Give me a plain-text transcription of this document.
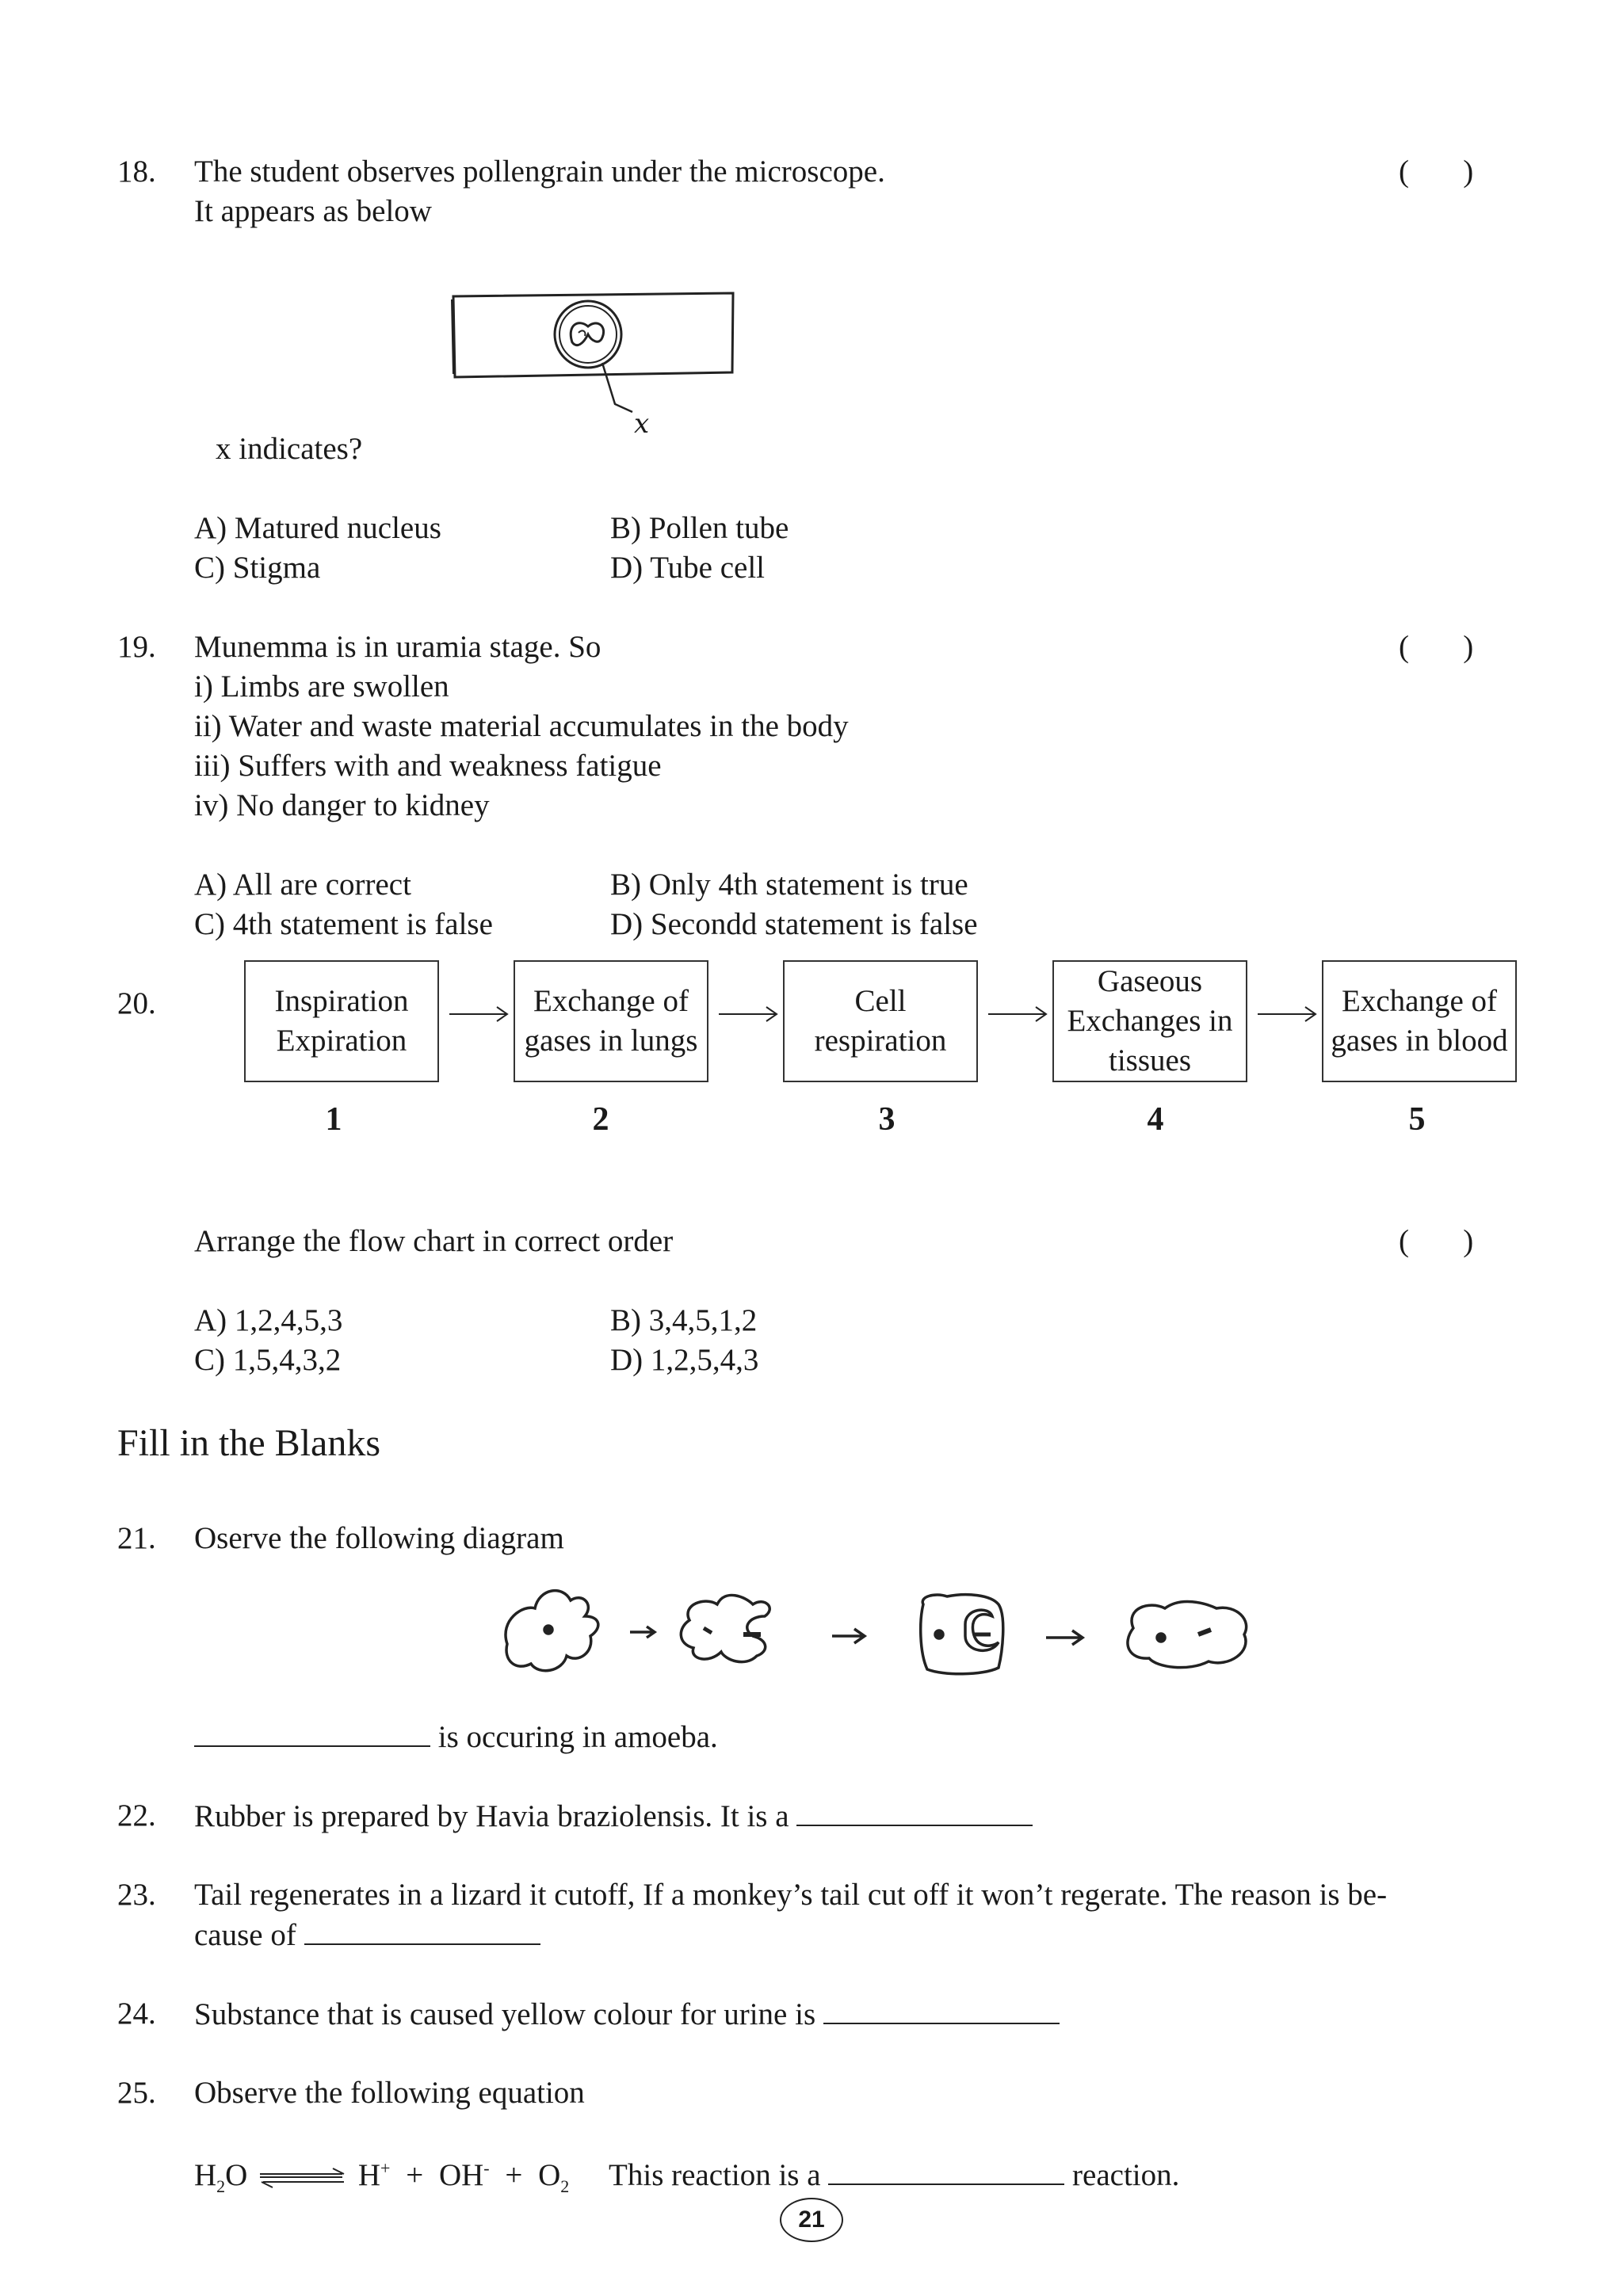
18. The student observes pollengrain under the microscope.	(       )
It appears as below
x
x indicates?
A) Matured nucleus	B) Pollen tube
C) Stigma	D) Tube cell
19. Munemma is in uramia stage. So	(       )
i) Limbs are swollen
ii) Water and waste material accumulates in the body
iii) Suffers with and weakness fatigue
iv) No danger to kidney
A) All are correct	B) Only 4th statement is true
C) 4th statement is false	D) Secondd statement is false
20.	Inspiration
Expiration
Exchange of
gases in lungs
Cell
respiration
Gaseous
Exchanges in
tissues
Exchange of
gases in blood
1	2	3	4	5
Arrange the flow chart in correct order	(       )
A) 1,2,4,5,3	B) 3,4,5,1,2
C) 1,5,4,3,2	D) 1,2,5,4,3
Fill in the Blanks
21. Oserve the following diagram
is occuring in amoeba.
22. Rubber is prepared by Havia braziolensis. It is a
23. Tail regenerates in a lizard it cutoff, If a monkey’s tail cut off it won’t regerate. The reason is be-
cause of
24. Substance that is caused yellow colour for urine is
25. Observe the following equation
$H_2O$	$H^+ + OH^- + O_2$ This reaction is a	reaction.
21
